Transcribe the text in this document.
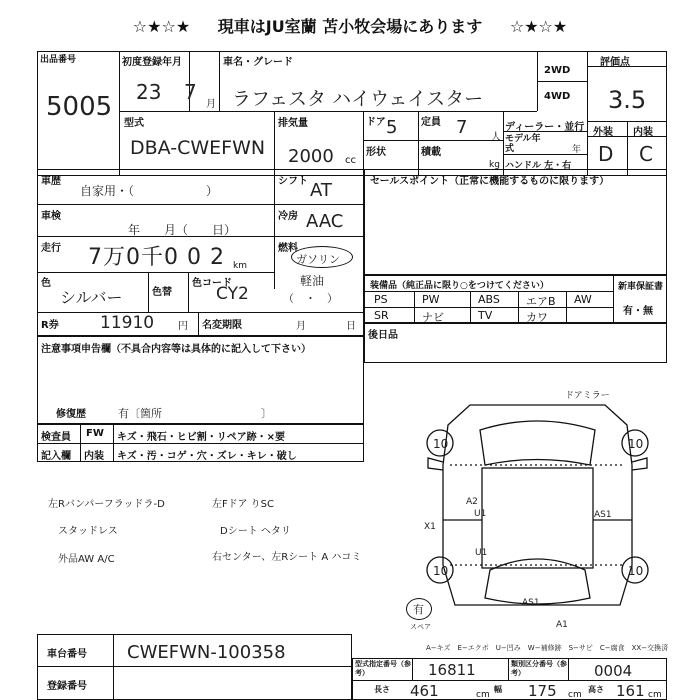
☆★☆★ 現車はJU室蘭 苫小牧会場にあります ☆★☆★
出品番号
5005
初度登録年月
23 7
月
車名・グレード
ラフェスタ ハイウェイスター
2WD
4WD
評価点
3.5
外装 内装
D C
型式
DBA-CWEFWN
排気量
2000 cc
ドア 5 定員 7 人
形状	積載
kg
ディーラー・並行
モデル年式	年
ハンドル 左・右
車歴
自家用・（　　　　　　）
シフト AT
車検
年　　月（　　日）
冷房 AAC
走行 7万0千0 0 2 km
燃料
ガソリン
軽油
（　・　）
色
シルバー	色替
色コード
CY2
R券 11910 円 名変期限	月	日
セールスポイント（正常に機能するものに限ります）
装備品（純正品に限り○をつけてください）	新車保証書
有・無
PS	PW	ABS エアB AW
SR	ナビ	TV	カワ
後日品
注意事項申告欄（不具合内容等は具体的に記入して下さい）
修復歴	有〔箇所　　　　　　　　　〕
検査員 FW キズ・飛石・ヒビ割・リペア跡・×要
記入欄 内装 キズ・汚・コゲ・穴・ズレ・キレ・破し
左Rバンパーフラッドラ-D	左Fドア りSC
スタッドレス	Dシート ヘタリ
外品AW A/C	右センター、左Rシート A ハコミ
ドアミラー
10	10
10	10
A2
U1	AS1
U1
AS1
A1
X1
有
スペア
A−キズ　E−エクボ　U−凹み　W−補修跡　S−サビ　C−腐食　XX−交換済
車台番号 CWEFWN-100358
登録番号
型式指定番号（参考）	16811	類別区分番号（参考）	0004
長さ 461	cm
幅 175 cm
高さ 161 cm
